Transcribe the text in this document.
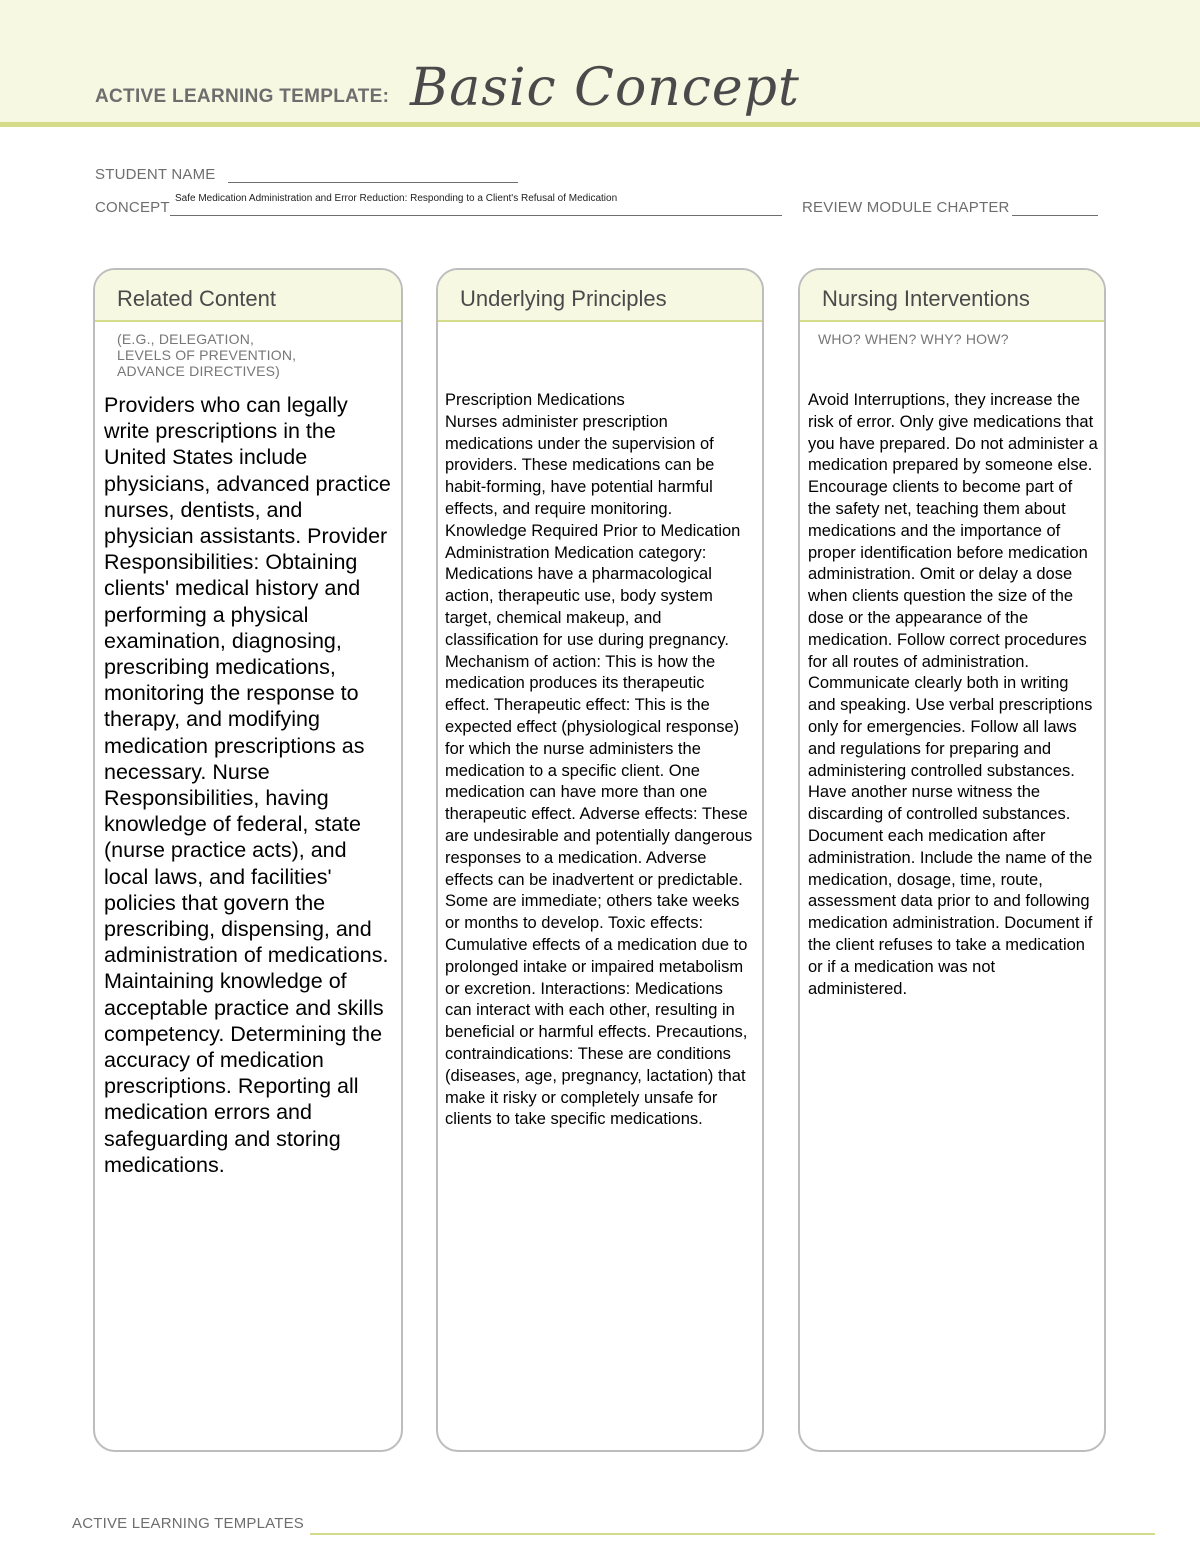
ACTIVE LEARNING TEMPLATE: Basic Concept
STUDENT NAME
CONCEPT
Safe Medication Administration and Error Reduction: Responding to a Client's Refusal of Medication
REVIEW MODULE CHAPTER
Related Content
(E.G., DELEGATION,
LEVELS OF PREVENTION,
ADVANCE DIRECTIVES)
Providers who can legally write prescriptions in the United States include physicians, advanced practice nurses, dentists, and physician assistants. Provider Responsibilities: Obtaining clients' medical history and performing a physical examination, diagnosing, prescribing medications, monitoring the response to therapy, and modifying medication prescriptions as necessary. Nurse Responsibilities, having knowledge of federal, state (nurse practice acts), and local laws, and facilities' policies that govern the prescribing, dispensing, and administration of medications. Maintaining knowledge of acceptable practice and skills competency. Determining the accuracy of medication prescriptions. Reporting all medication errors and safeguarding and storing medications.
Underlying Principles
Prescription Medications
Nurses administer prescription medications under the supervision of providers. These medications can be habit-forming, have potential harmful effects, and require monitoring. Knowledge Required Prior to Medication Administration Medication category: Medications have a pharmacological action, therapeutic use, body system target, chemical makeup, and classification for use during pregnancy. Mechanism of action: This is how the medication produces its therapeutic effect. Therapeutic effect: This is the expected effect (physiological response) for which the nurse administers the medication to a specific client. One medication can have more than one therapeutic effect. Adverse effects: These are undesirable and potentially dangerous responses to a medication. Adverse effects can be inadvertent or predictable. Some are immediate; others take weeks or months to develop. Toxic effects: Cumulative effects of a medication due to prolonged intake or impaired metabolism or excretion. Interactions: Medications can interact with each other, resulting in beneficial or harmful effects. Precautions, contraindications: These are conditions (diseases, age, pregnancy, lactation) that make it risky or completely unsafe for clients to take specific medications.
Nursing Interventions
WHO? WHEN? WHY? HOW?
Avoid Interruptions, they increase the risk of error. Only give medications that you have prepared. Do not administer a medication prepared by someone else. Encourage clients to become part of the safety net, teaching them about medications and the importance of proper identification before medication administration. Omit or delay a dose when clients question the size of the dose or the appearance of the medication. Follow correct procedures for all routes of administration. Communicate clearly both in writing and speaking. Use verbal prescriptions only for emergencies. Follow all laws and regulations for preparing and administering controlled substances. Have another nurse witness the discarding of controlled substances.
Document each medication after administration. Include the name of the medication, dosage, time, route, assessment data prior to and following medication administration. Document if the client refuses to take a medication or if a medication was not administered.
ACTIVE LEARNING TEMPLATES
